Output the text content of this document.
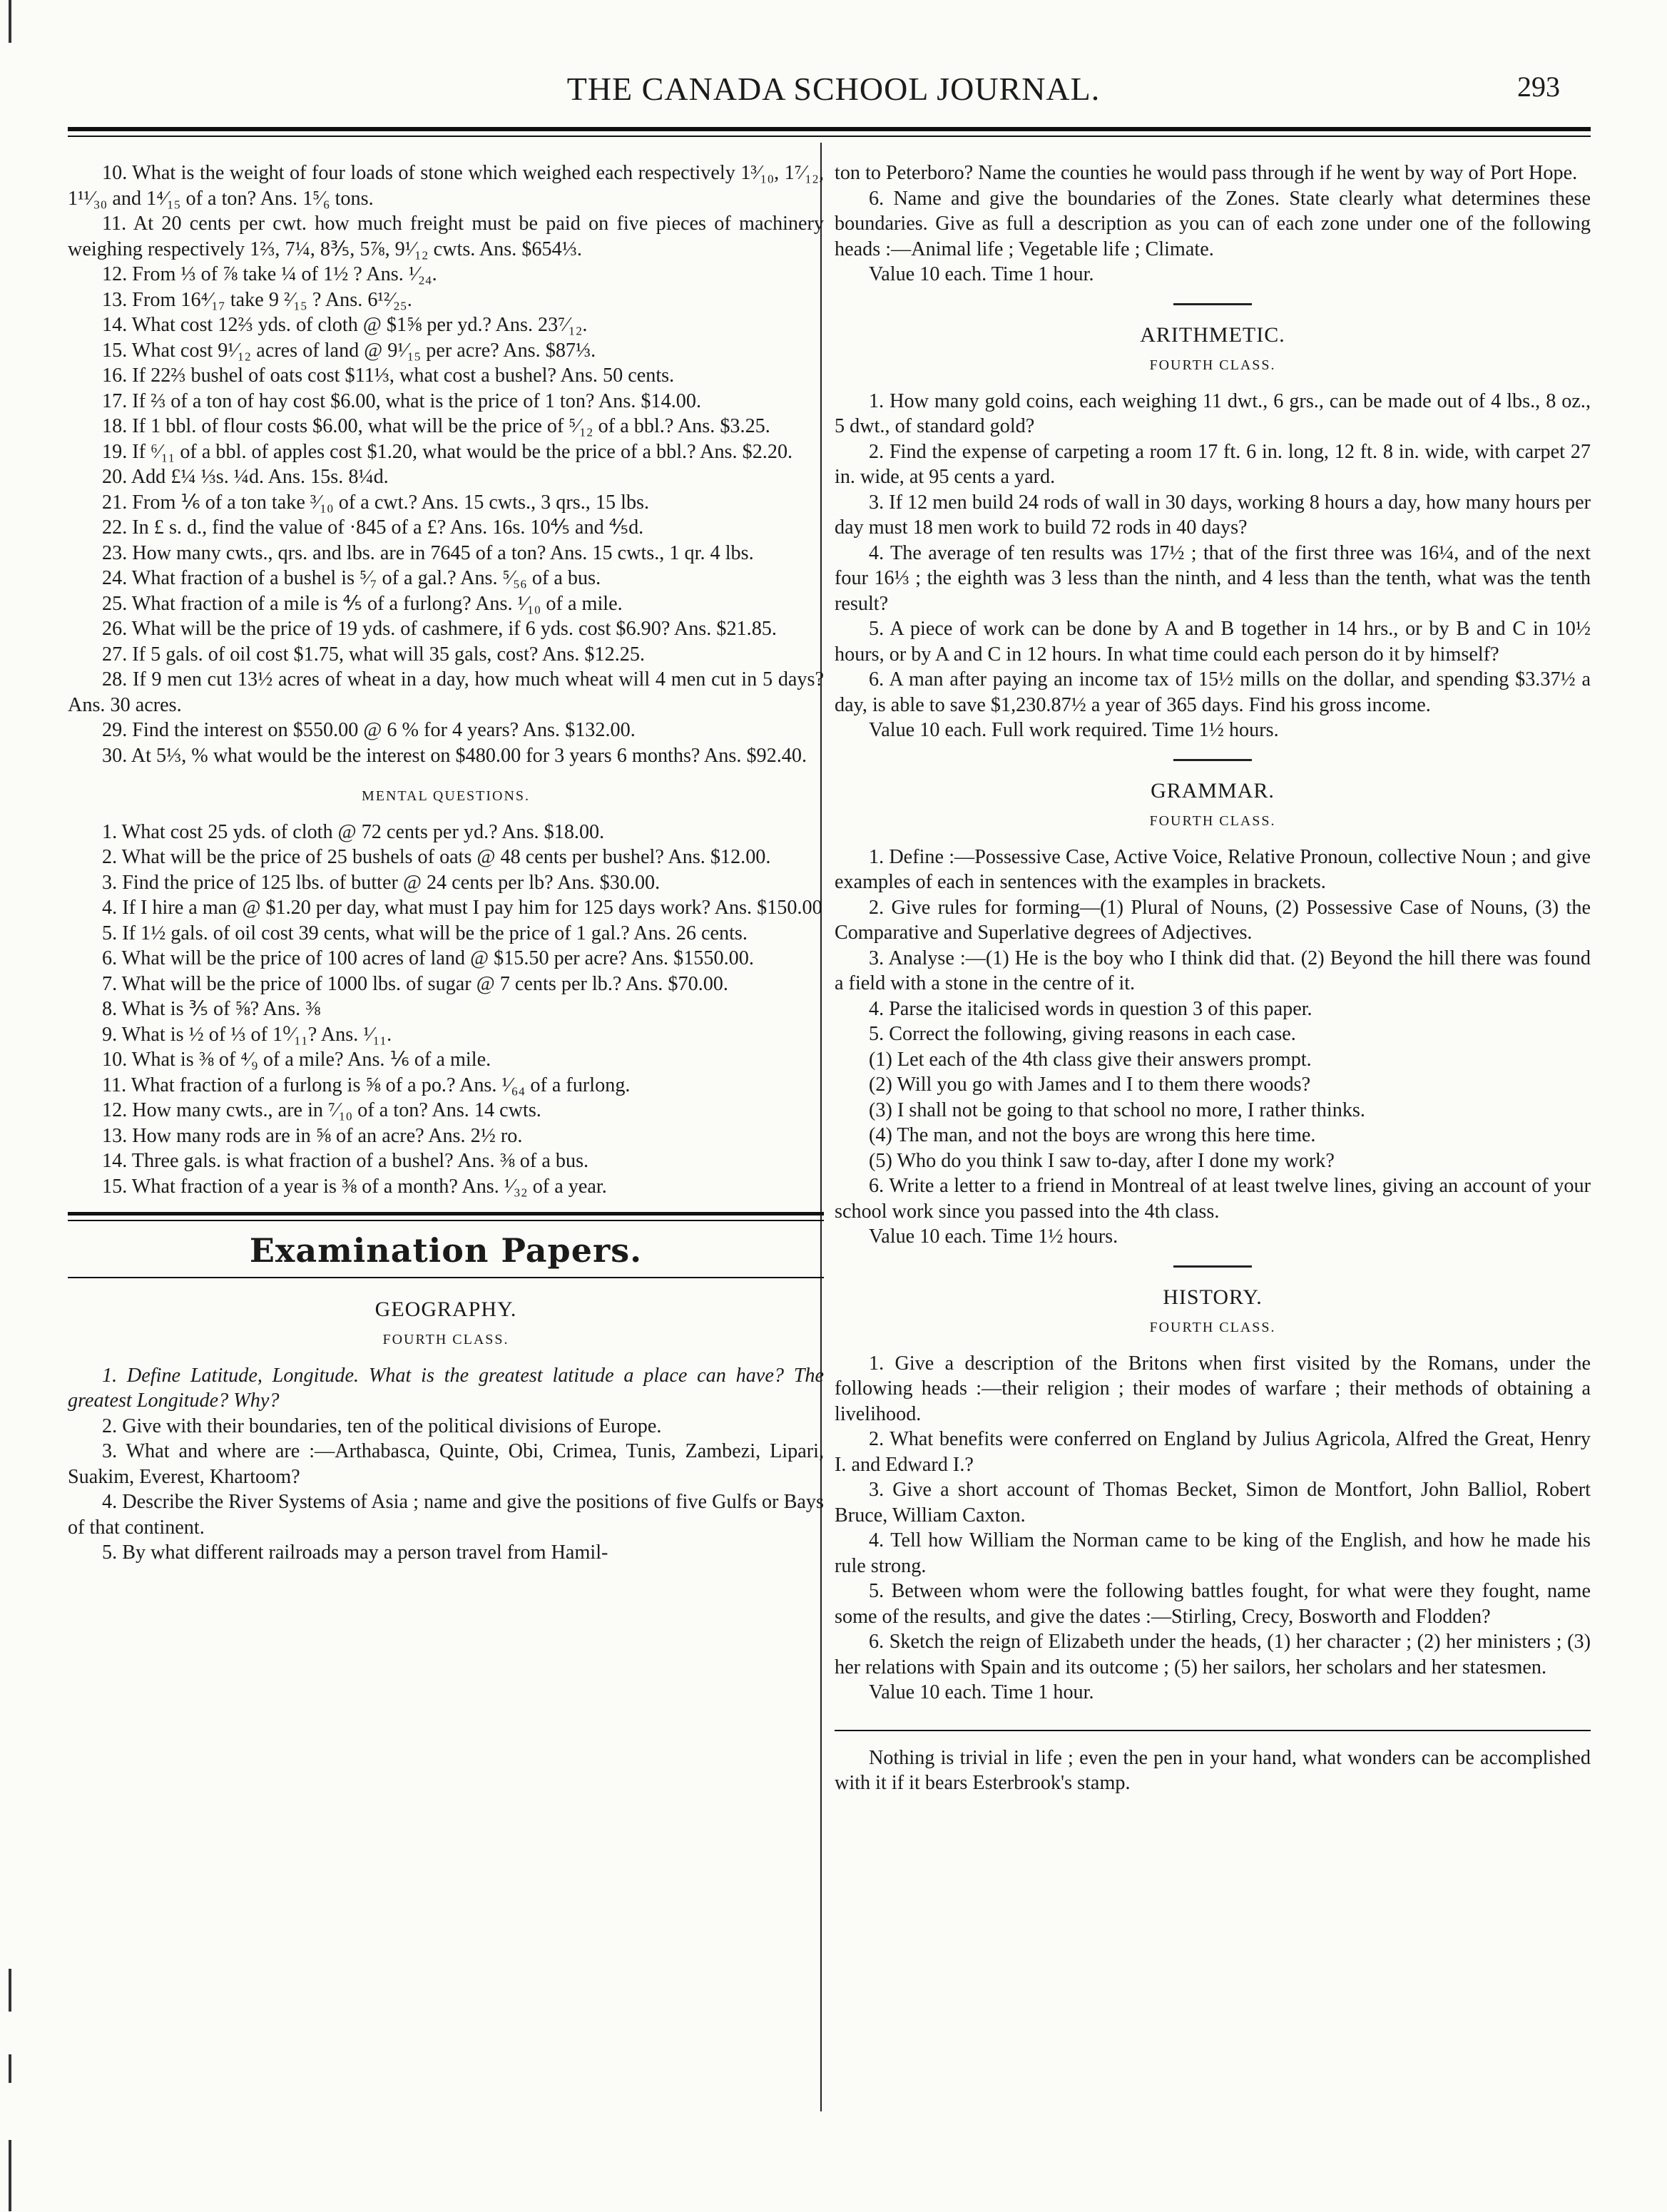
THE CANADA SCHOOL JOURNAL.	293

10. What is the weight of four loads of stone which weighed each respectively 1³⁄₁₀, 1⁷⁄₁₂, 1¹¹⁄₃₀ and 1⁴⁄₁₅ of a ton? Ans. 1⁵⁄₆ tons.

11. At 20 cents per cwt. how much freight must be paid on five pieces of machinery weighing respectively 1⅔, 7¼, 8⅗, 5⅞, 9¹⁄₁₂ cwts. Ans. $654⅓.

12. From ⅓ of ⅞ take ¼ of 1½ ? Ans. ¹⁄₂₄.

13. From 16⁴⁄₁₇ take 9 ²⁄₁₅ ? Ans. 6¹²⁄₂₅.

14. What cost 12⅔ yds. of cloth @ $1⅝ per yd.? Ans. 23⁷⁄₁₂.

15. What cost 9¹⁄₁₂ acres of land @ 9¹⁄₁₅ per acre? Ans. $87⅓.

16. If 22⅔ bushel of oats cost $11⅓, what cost a bushel? Ans. 50 cents.

17. If ⅔ of a ton of hay cost $6.00, what is the price of 1 ton? Ans. $14.00.

18. If 1 bbl. of flour costs $6.00, what will be the price of ⁵⁄₁₂ of a bbl.? Ans. $3.25.

19. If ⁶⁄₁₁ of a bbl. of apples cost $1.20, what would be the price of a bbl.? Ans. $2.20.

20. Add £¼ ⅓s. ¼d. Ans. 15s. 8¼d.

21. From ⅙ of a ton take ³⁄₁₀ of a cwt.? Ans. 15 cwts., 3 qrs., 15 lbs.

22. In £ s. d., find the value of ·845 of a £? Ans. 16s. 10⅘ and ⅘d.

23. How many cwts., qrs. and lbs. are in 7645 of a ton? Ans. 15 cwts., 1 qr. 4 lbs.

24. What fraction of a bushel is ⁵⁄₇ of a gal.? Ans. ⁵⁄₅₆ of a bus.

25. What fraction of a mile is ⅘ of a furlong? Ans. ¹⁄₁₀ of a mile.

26. What will be the price of 19 yds. of cashmere, if 6 yds. cost $6.90? Ans. $21.85.

27. If 5 gals. of oil cost $1.75, what will 35 gals, cost? Ans. $12.25.

28. If 9 men cut 13½ acres of wheat in a day, how much wheat will 4 men cut in 5 days? Ans. 30 acres.

29. Find the interest on $550.00 @ 6 % for 4 years? Ans. $132.00.

30. At 5⅓, % what would be the interest on $480.00 for 3 years 6 months? Ans. $92.40.

MENTAL QUESTIONS.

1. What cost 25 yds. of cloth @ 72 cents per yd.? Ans. $18.00.

2. What will be the price of 25 bushels of oats @ 48 cents per bushel? Ans. $12.00.

3. Find the price of 125 lbs. of butter @ 24 cents per lb? Ans. $30.00.

4. If I hire a man @ $1.20 per day, what must I pay him for 125 days work? Ans. $150.00

5. If 1½ gals. of oil cost 39 cents, what will be the price of 1 gal.? Ans. 26 cents.

6. What will be the price of 100 acres of land @ $15.50 per acre? Ans. $1550.00.

7. What will be the price of 1000 lbs. of sugar @ 7 cents per lb.? Ans. $70.00.

8. What is ⅗ of ⅝? Ans. ⅜

9. What is ½ of ⅓ of 1⁰⁄₁₁? Ans. ¹⁄₁₁.

10. What is ⅜ of ⁴⁄₉ of a mile? Ans. ⅙ of a mile.

11. What fraction of a furlong is ⅝ of a po.? Ans. ¹⁄₆₄ of a furlong.

12. How many cwts., are in ⁷⁄₁₀ of a ton? Ans. 14 cwts.

13. How many rods are in ⅝ of an acre? Ans. 2½ ro.

14. Three gals. is what fraction of a bushel? Ans. ⅜ of a bus.

15. What fraction of a year is ⅜ of a month? Ans. ¹⁄₃₂ of a year.

Examination Papers.
GEOGRAPHY.
FOURTH CLASS.

1. Define Latitude, Longitude. What is the greatest latitude a place can have? The greatest Longitude? Why?

2. Give with their boundaries, ten of the political divisions of Europe.

3. What and where are :—Arthabasca, Quinte, Obi, Crimea, Tunis, Zambezi, Lipari, Suakim, Everest, Khartoom?

4. Describe the River Systems of Asia ; name and give the positions of five Gulfs or Bays of that continent.

5. By what different railroads may a person travel from Hamil-

ton to Peterboro? Name the counties he would pass through if he went by way of Port Hope.

6. Name and give the boundaries of the Zones. State clearly what determines these boundaries. Give as full a description as you can of each zone under one of the following heads :—Animal life ; Vegetable life ; Climate.

Value 10 each. Time 1 hour.

ARITHMETIC.
FOURTH CLASS.

1. How many gold coins, each weighing 11 dwt., 6 grs., can be made out of 4 lbs., 8 oz., 5 dwt., of standard gold?

2. Find the expense of carpeting a room 17 ft. 6 in. long, 12 ft. 8 in. wide, with carpet 27 in. wide, at 95 cents a yard.

3. If 12 men build 24 rods of wall in 30 days, working 8 hours a day, how many hours per day must 18 men work to build 72 rods in 40 days?

4. The average of ten results was 17½ ; that of the first three was 16¼, and of the next four 16⅓ ; the eighth was 3 less than the ninth, and 4 less than the tenth, what was the tenth result?

5. A piece of work can be done by A and B together in 14 hrs., or by B and C in 10½ hours, or by A and C in 12 hours. In what time could each person do it by himself?

6. A man after paying an income tax of 15½ mills on the dollar, and spending $3.37½ a day, is able to save $1,230.87½ a year of 365 days. Find his gross income.

Value 10 each. Full work required. Time 1½ hours.

GRAMMAR.
FOURTH CLASS.

1. Define :—Possessive Case, Active Voice, Relative Pronoun, collective Noun ; and give examples of each in sentences with the examples in brackets.

2. Give rules for forming—(1) Plural of Nouns, (2) Possessive Case of Nouns, (3) the Comparative and Superlative degrees of Adjectives.

3. Analyse :—(1) He is the boy who I think did that. (2) Beyond the hill there was found a field with a stone in the centre of it.

4. Parse the italicised words in question 3 of this paper.

5. Correct the following, giving reasons in each case.

(1) Let each of the 4th class give their answers prompt.

(2) Will you go with James and I to them there woods?

(3) I shall not be going to that school no more, I rather thinks.

(4) The man, and not the boys are wrong this here time.

(5) Who do you think I saw to-day, after I done my work?

6. Write a letter to a friend in Montreal of at least twelve lines, giving an account of your school work since you passed into the 4th class.

Value 10 each. Time 1½ hours.

HISTORY.
FOURTH CLASS.

1. Give a description of the Britons when first visited by the Romans, under the following heads :—their religion ; their modes of warfare ; their methods of obtaining a livelihood.

2. What benefits were conferred on England by Julius Agricola, Alfred the Great, Henry I. and Edward I.?

3. Give a short account of Thomas Becket, Simon de Montfort, John Balliol, Robert Bruce, William Caxton.

4. Tell how William the Norman came to be king of the English, and how he made his rule strong.

5. Between whom were the following battles fought, for what were they fought, name some of the results, and give the dates :—Stirling, Crecy, Bosworth and Flodden?

6. Sketch the reign of Elizabeth under the heads, (1) her character ; (2) her ministers ; (3) her relations with Spain and its outcome ; (5) her sailors, her scholars and her statesmen.

Value 10 each. Time 1 hour.

Nothing is trivial in life ; even the pen in your hand, what wonders can be accomplished with it if it bears Esterbrook's stamp.
